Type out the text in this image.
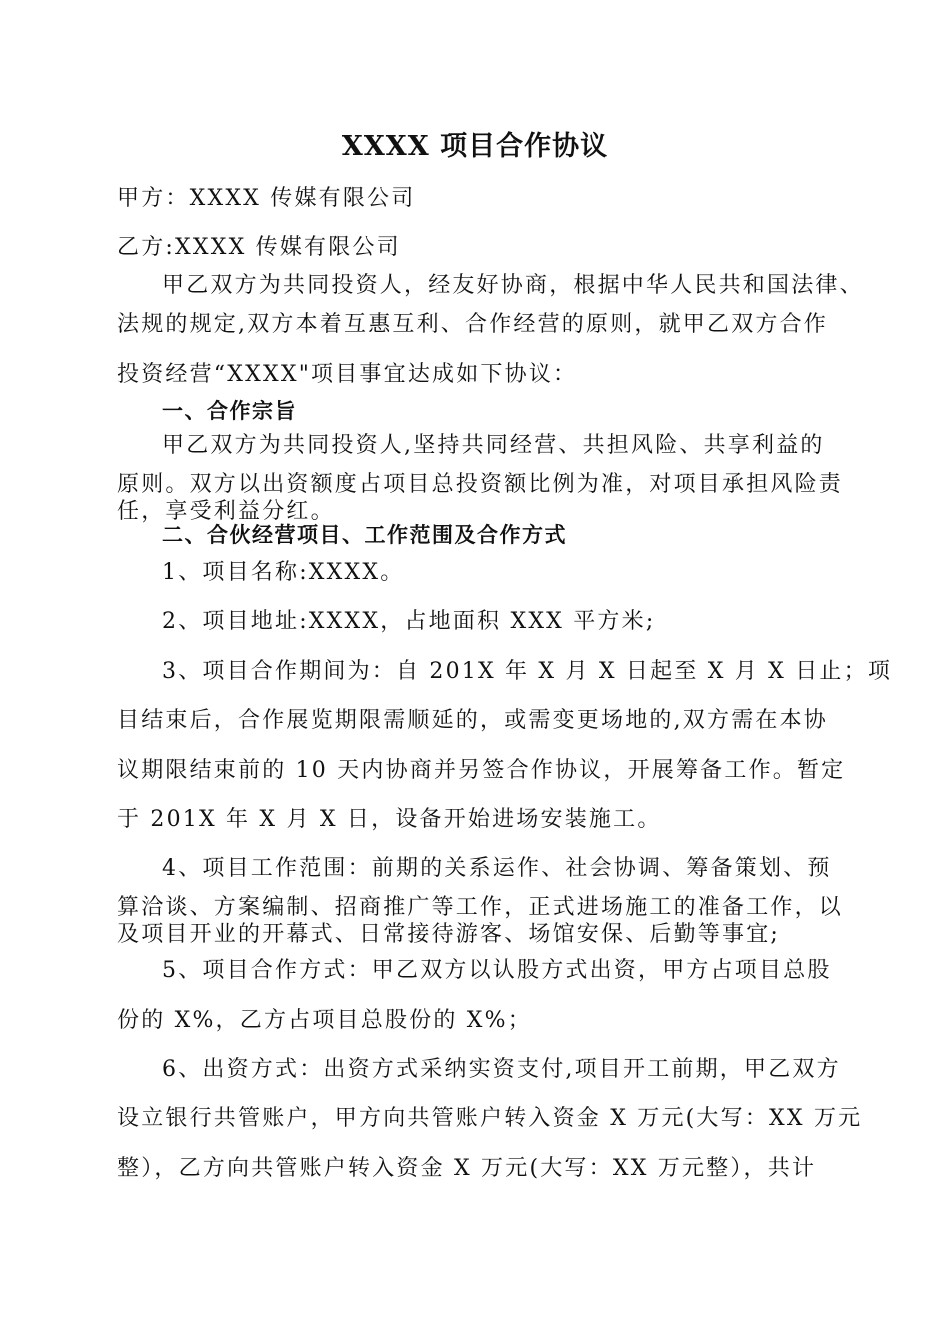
XXXX 项目合作协议
甲方：XXXX 传媒有限公司
乙方:XXXX 传媒有限公司
甲乙双方为共同投资人，经友好协商，根据中华人民共和国法律、
法规的规定,双方本着互惠互利、合作经营的原则，就甲乙双方合作
投资经营“XXXX"项目事宜达成如下协议：
一、合作宗旨
甲乙双方为共同投资人,坚持共同经营、共担风险、共享利益的
原则。双方以出资额度占项目总投资额比例为准，对项目承担风险责
任，享受利益分红。
二、合伙经营项目、工作范围及合作方式
1、项目名称:XXXX。
2、项目地址:XXXX，占地面积 XXX 平方米;
3、项目合作期间为：自 201X 年 X 月 X 日起至 X 月 X 日止；项
目结束后，合作展览期限需顺延的，或需变更场地的,双方需在本协
议期限结束前的 10 天内协商并另签合作协议，开展筹备工作。暂定
于 201X 年 X 月 X 日，设备开始进场安装施工。
4、项目工作范围：前期的关系运作、社会协调、筹备策划、预
算洽谈、方案编制、招商推广等工作，正式进场施工的准备工作，以
及项目开业的开幕式、日常接待游客、场馆安保、后勤等事宜;
5、项目合作方式：甲乙双方以认股方式出资，甲方占项目总股
份的 X%，乙方占项目总股份的 X%；
6、出资方式：出资方式采纳实资支付,项目开工前期，甲乙双方
设立银行共管账户，甲方向共管账户转入资金 X 万元(大写：XX 万元
整），乙方向共管账户转入资金 X 万元(大写：XX 万元整），共计
